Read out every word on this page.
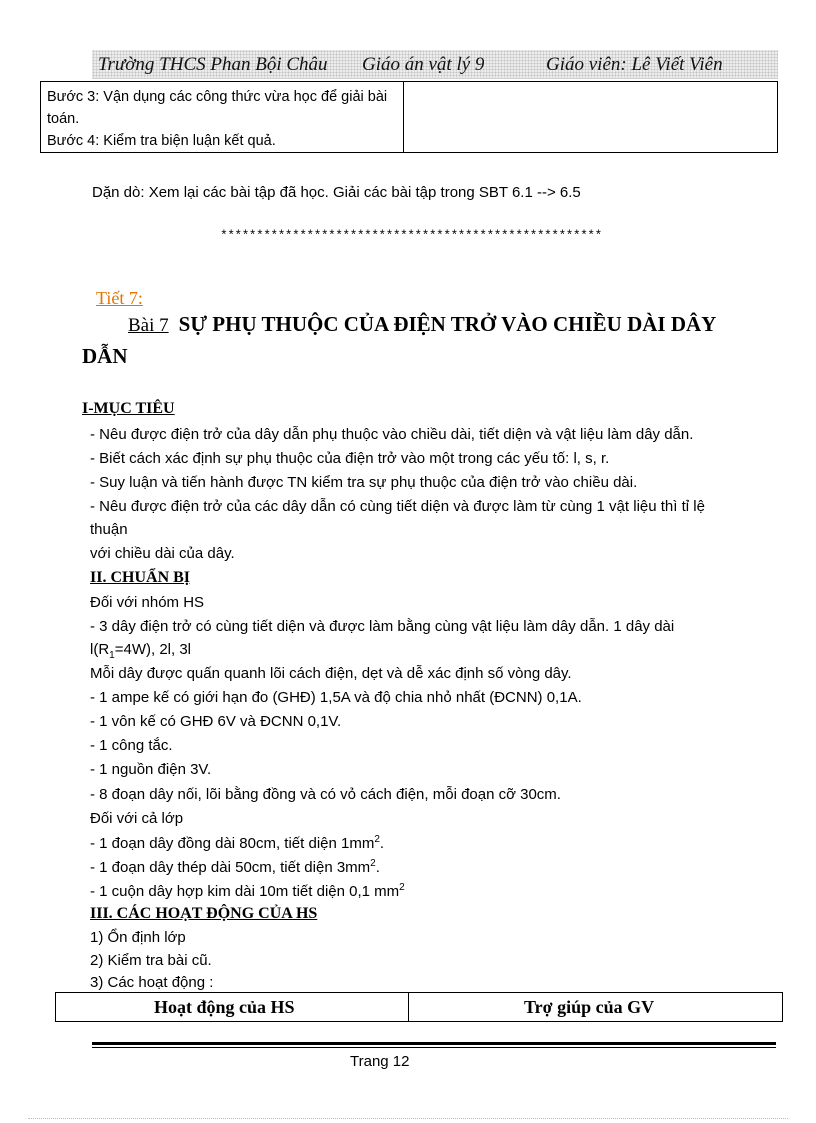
Trường THCS Phan Bội Châu Giáo án vật lý 9	Giáo viên: Lê Viết Viên
Bước 3: Vận dụng các công thức vừa học để giải bài toán.
Bước 4: Kiểm tra biện luận kết quả.
Dặn dò: Xem lại các bài tập đã học. Giải các bài tập trong SBT 6.1 --> 6.5
*****************************************************
Tiết 7:
Bài 7 SỰ PHỤ THUỘC CỦA ĐIỆN TRỞ VÀO CHIỀU DÀI DÂY
DẪN
I-MỤC TIÊU
- Nêu được điện trở của dây dẫn phụ thuộc vào chiều dài, tiết diện và vật liệu làm dây dẫn.
- Biết cách xác định sự phụ thuộc của điện trở vào một trong các yếu tố: l, s, r.
- Suy luận và tiến hành được TN kiểm tra sự phụ thuộc của điện trở vào chiều dài.
- Nêu được điện trở của các dây dẫn có cùng tiết diện và được làm từ cùng 1 vật liệu thì tỉ lệ
thuận
với chiều dài của dây.
II. CHUẨN BỊ
Đối với nhóm HS
- 3 dây điện trở có cùng tiết diện và được làm bằng cùng vật liệu làm dây dẫn. 1 dây dài
$l(R_1=4W)$, 2l, 3l
Mỗi dây được quấn quanh lõi cách điện, dẹt và dễ xác định số vòng dây.
- 1 ampe kế có giới hạn đo (GHĐ) 1,5A và độ chia nhỏ nhất (ĐCNN) 0,1A.
- 1 vôn kế có GHĐ 6V và ĐCNN 0,1V.
- 1 công tắc.
- 1 nguồn điện 3V.
- 8 đoạn dây nối, lõi bằng đồng và có vỏ cách điện, mỗi đoạn cỡ 30cm.
Đối với cả lớp
- 1 đoạn dây đồng dài 80cm, tiết diện $1mm^2$.
- 1 đoạn dây thép dài 50cm, tiết diện $3mm^2$.
- 1 cuộn dây hợp kim dài 10m tiết diện 0,1 $mm^2$
III. CÁC HOẠT ĐỘNG CỦA HS
1) Ổn định lớp
2) Kiểm tra bài cũ.
3) Các hoạt động :
Hoạt động của HS	Trợ giúp của GV
Trang 12
